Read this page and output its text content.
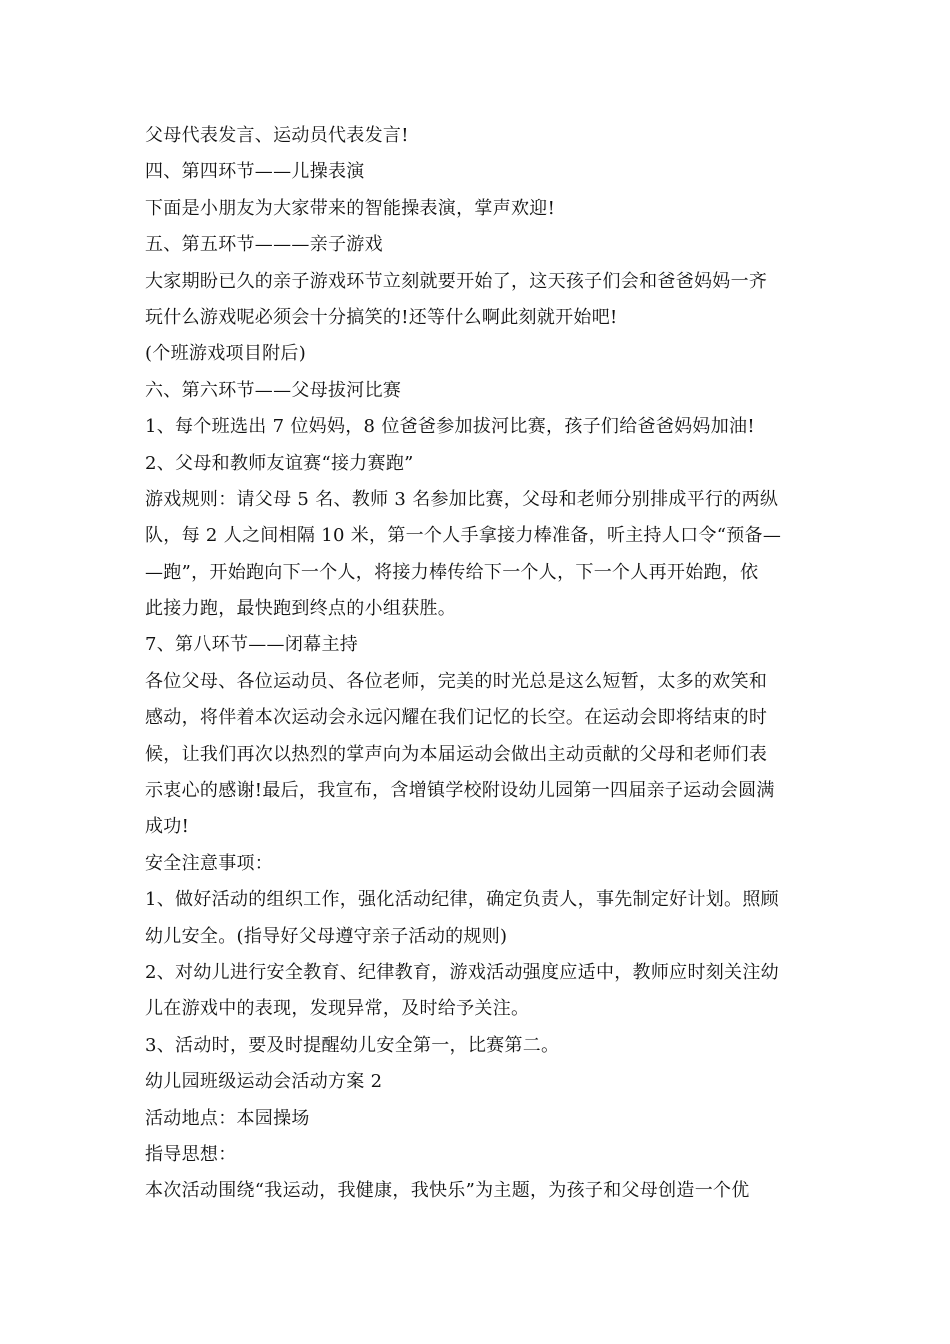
父母代表发言、运动员代表发言!
四、第四环节——儿操表演
下面是小朋友为大家带来的智能操表演，掌声欢迎!
五、第五环节———亲子游戏
大家期盼已久的亲子游戏环节立刻就要开始了，这天孩子们会和爸爸妈妈一齐
玩什么游戏呢必须会十分搞笑的!还等什么啊此刻就开始吧!
(个班游戏项目附后)
六、第六环节——父母拔河比赛
1、每个班选出 7 位妈妈，8 位爸爸参加拔河比赛，孩子们给爸爸妈妈加油!
2、父母和教师友谊赛“接力赛跑”
游戏规则：请父母 5 名、教师 3 名参加比赛，父母和老师分别排成平行的两纵
队，每 2 人之间相隔 10 米，第一个人手拿接力棒准备，听主持人口令“预备—
—跑”，开始跑向下一个人，将接力棒传给下一个人，下一个人再开始跑，依
此接力跑，最快跑到终点的小组获胜。
7、第八环节——闭幕主持
各位父母、各位运动员、各位老师，完美的时光总是这么短暂，太多的欢笑和
感动，将伴着本次运动会永远闪耀在我们记忆的长空。在运动会即将结束的时
候，让我们再次以热烈的掌声向为本届运动会做出主动贡献的父母和老师们表
示衷心的感谢!最后，我宣布，含增镇学校附设幼儿园第一四届亲子运动会圆满
成功!
安全注意事项：
1、做好活动的组织工作，强化活动纪律，确定负责人，事先制定好计划。照顾
幼儿安全。(指导好父母遵守亲子活动的规则)
2、对幼儿进行安全教育、纪律教育，游戏活动强度应适中，教师应时刻关注幼
儿在游戏中的表现，发现异常，及时给予关注。
3、活动时，要及时提醒幼儿安全第一，比赛第二。
幼儿园班级运动会活动方案 2
活动地点：本园操场
指导思想：
本次活动围绕“我运动，我健康，我快乐”为主题，为孩子和父母创造一个优
